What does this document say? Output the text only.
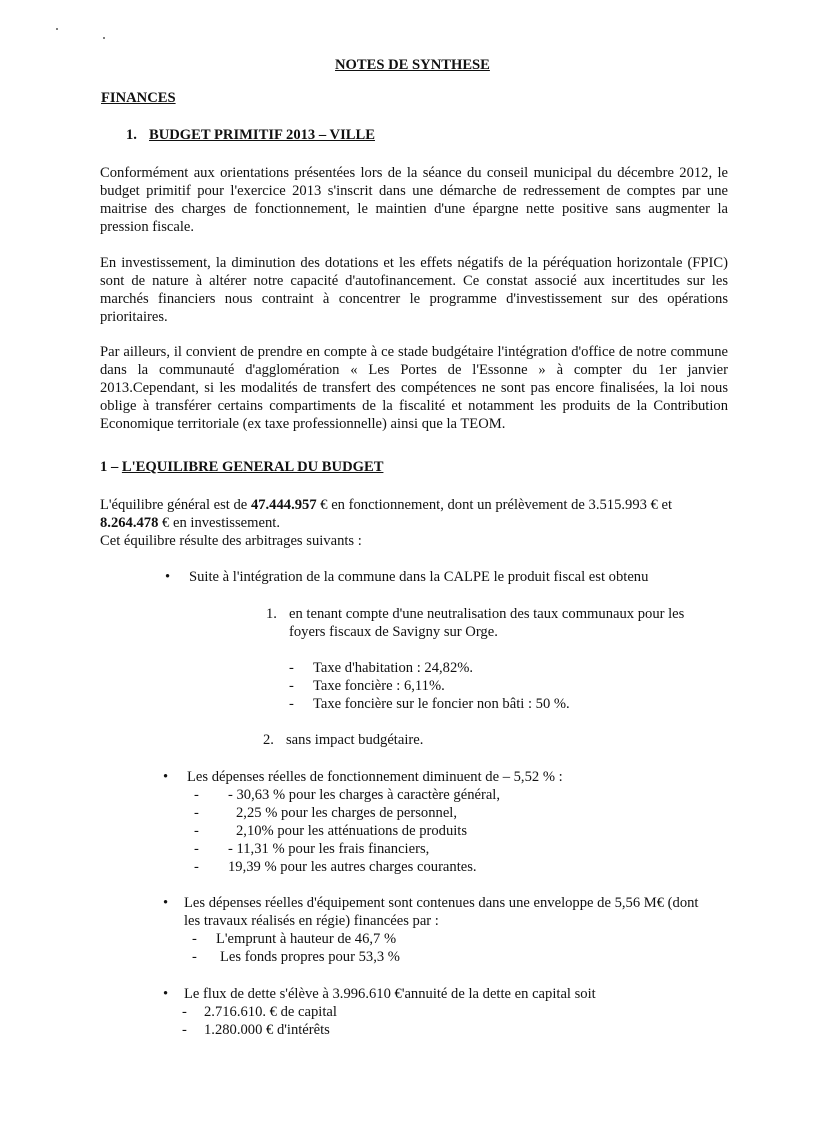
NOTES DE SYNTHESE
FINANCES
1. BUDGET PRIMITIF 2013 – VILLE
Conformément aux orientations présentées lors de la séance du conseil municipal du décembre 2012, le budget primitif pour l'exercice 2013 s'inscrit dans une démarche de redressement de comptes par une maitrise des charges de fonctionnement, le maintien d'une épargne nette positive sans augmenter la pression fiscale.
En investissement, la diminution des dotations et les effets négatifs de la péréquation horizontale (FPIC) sont de nature à altérer notre capacité d'autofinancement. Ce constat associé aux incertitudes sur les marchés financiers nous contraint à concentrer le programme d'investissement sur des opérations prioritaires.
Par ailleurs, il convient de prendre en compte à ce stade budgétaire l'intégration d'office de notre commune dans la communauté d'agglomération « Les Portes de l'Essonne » à compter du 1er janvier 2013.Cependant, si les modalités de transfert des compétences ne sont pas encore finalisées, la loi nous oblige à transférer certains compartiments de la fiscalité et notamment les produits de la Contribution Economique territoriale (ex taxe professionnelle) ainsi que la TEOM.
1 – L'EQUILIBRE GENERAL DU BUDGET
L'équilibre général est de 47.444.957 € en fonctionnement, dont un prélèvement de 3.515.993 € et
8.264.478 € en investissement.
Cet équilibre résulte des arbitrages suivants :
• Suite à l'intégration de la commune dans la CALPE le produit fiscal est obtenu
1. en tenant compte d'une neutralisation des taux communaux pour les
foyers fiscaux de Savigny sur Orge.
- Taxe d'habitation : 24,82%.
- Taxe foncière : 6,11%.
- Taxe foncière sur le foncier non bâti : 50 %.
2. sans impact budgétaire.
• Les dépenses réelles de fonctionnement diminuent de – 5,52 % :
- - 30,63 % pour les charges à caractère général,
-	2,25 % pour les charges de personnel,
-	2,10% pour les atténuations de produits
- - 11,31 % pour les frais financiers,
- 19,39 % pour les autres charges courantes.
• Les dépenses réelles d'équipement sont contenues dans une enveloppe de 5,56 M€ (dont
les travaux réalisés en régie) financées par :
- L'emprunt à hauteur de 46,7 %
- Les fonds propres pour 53,3 %
• Le flux de dette s'élève à 3.996.610 €'annuité de la dette en capital soit
- 2.716.610. € de capital
- 1.280.000 € d'intérêts
